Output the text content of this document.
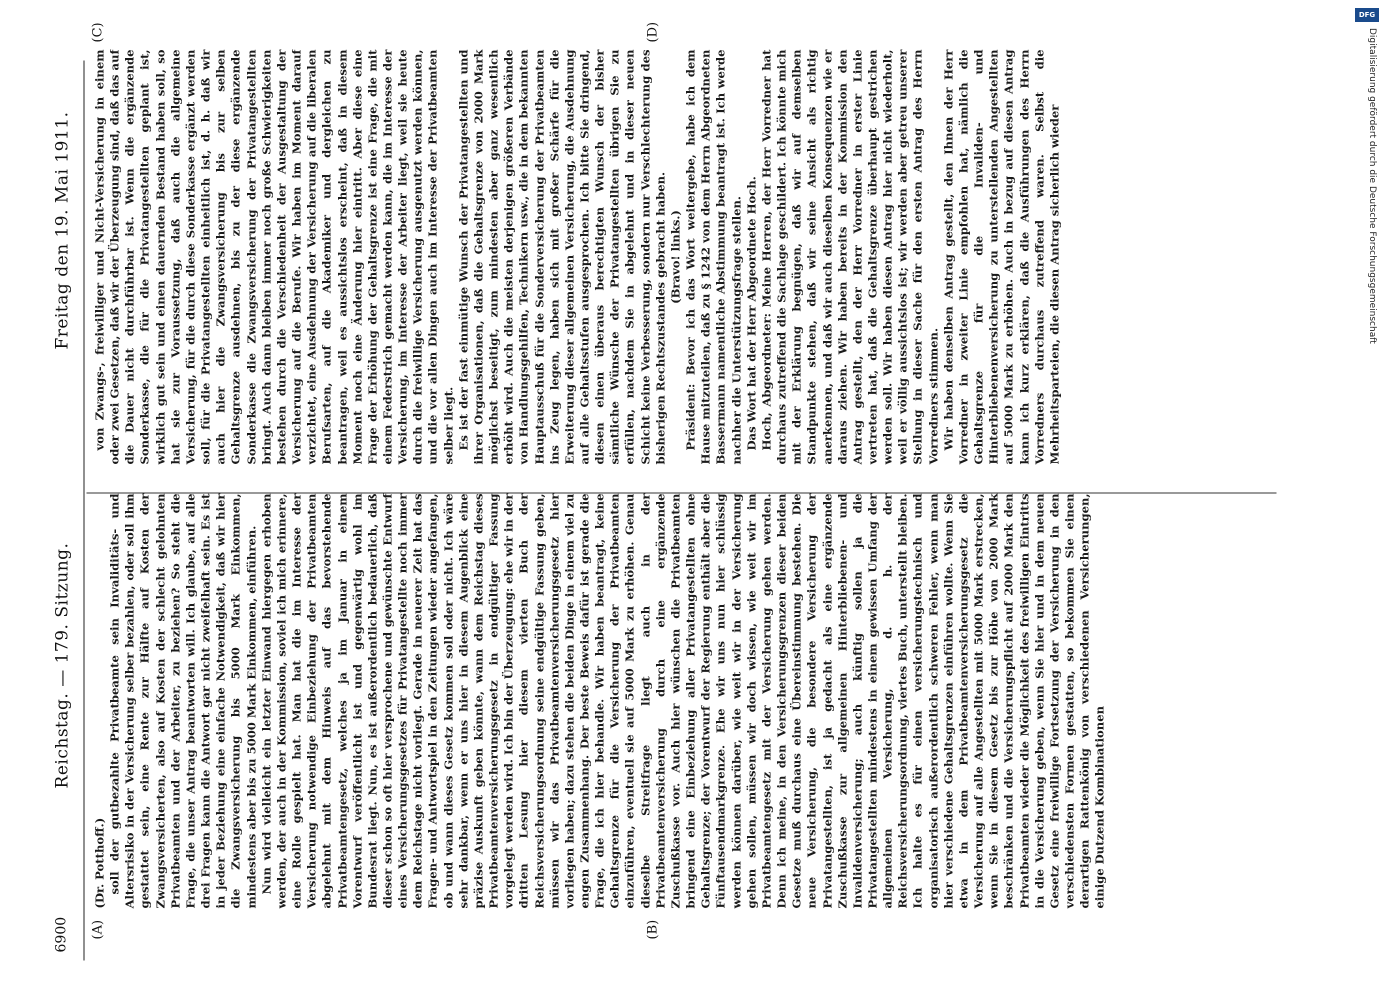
6900
Reichstag. — 179. Sitzung.
Freitag den 19. Mai 1911.
(A)	(B)
(C)	(D)

(Dr. Potthoff.) soll der gutbezahlte Privatbeamte sein Invaliditäts- und Altersrisiko in der Versicherung selber bezahlen, oder soll ihm gestattet sein, eine Rente zur Hälfte auf Kosten der Zwangsversicherten, also auf Kosten der schlecht gelohnten Privatbeamten und der Arbeiter, zu beziehen? So steht die Frage, die unser Antrag beantworten will. Ich glaube, auf alle drei Fragen kann die Antwort gar nicht zweifelhaft sein. Es ist in jeder Beziehung eine einfache Notwendigkeit, daß wir hier die Zwangsversicherung bis 5000 Mark Einkommen, mindestens aber bis zu 5000 Mark Einkommen, einführen. Nun wird vielleicht ein letzter Einwand hiergegen erhoben werden, der auch in der Kommission, soviel ich mich erinnere, eine Rolle gespielt hat. Man hat die im Interesse der Versicherung notwendige Einbeziehung der Privatbeamten abgelehnt mit dem Hinweis auf das bevorstehende Privatbeamtengesetz, welches ja im Januar in einem Vorentwurf veröffentlicht ist und gegenwärtig wohl im Bundesrat liegt. Nun, es ist außerordentlich bedauerlich, daß dieser schon so oft hier versprochene und gewünschte Entwurf eines Versicherungsgesetzes für Privatangestellte noch immer dem Reichstage nicht vorliegt. Gerade in neuerer Zeit hat das Fragen- und Antwortspiel in den Zeitungen wieder angefangen, ob und wann dieses Gesetz kommen soll oder nicht. Ich wäre sehr dankbar, wenn er uns hier in diesem Augenblick eine präzise Auskunft geben könnte, wann dem Reichstag dieses Privatbeamtenversicherungsgesetz in endgültiger Fassung vorgelegt werden wird. Ich bin der Überzeugung: ehe wir in der dritten Lesung hier diesem vierten Buch der Reichsversicherungsordnung seine endgültige Fassung geben, müssen wir das Privatbeamtenversicherungsgesetz hier vorliegen haben; dazu stehen die beiden Dinge in einem viel zu engen Zusammenhang. Der beste Beweis dafür ist gerade die Frage, die ich hier behandle. Wir haben beantragt, keine Gehaltsgrenze für die Versicherung der Privatbeamten einzuführen, eventuell sie auf 5000 Mark zu erhöhen. Genau dieselbe Streitfrage liegt auch in der Privatbeamtenversicherung durch eine ergänzende Zuschußkasse vor. Auch hier wünschen die Privatbeamten bringend eine Einbeziehung aller Privatangestellten ohne Gehaltsgrenze; der Vorentwurf der Regierung enthält aber die Fünftausendmarkgrenze. Ehe wir uns nun hier schlüssig werden können darüber, wie weit wir in der Versicherung gehen sollen, müssen wir doch wissen, wie weit wir im Privatbeamtengesetz mit der Versicherung gehen werden. Denn ich meine, in den Versicherungsgrenzen dieser beiden Gesetze muß durchaus eine Übereinstimmung bestehen. Die neue Versicherung, die besondere Versicherung der Privatangestellten, ist ja gedacht als eine ergänzende Zuschußkasse zur allgemeinen Hinterbliebenen- und Invalidenversicherung; auch künftig sollen ja die Privatangestellten mindestens in einem gewissen Umfang der allgemeinen Versicherung, d. h. der Reichsversicherungsordnung, viertes Buch, unterstellt bleiben. Ich halte es für einen versicherungstechnisch und organisatorisch außerordentlich schweren Fehler, wenn man hier verschiedene Gehaltsgrenzen einführen wollte. Wenn Sie etwa in dem Privatbeamtenversicherungsgesetz die Versicherung auf alle Angestellten mit 5000 Mark erstrecken, wenn Sie in diesem Gesetz bis zur Höhe von 2000 Mark beschränken und die Versicherungspflicht auf 2000 Mark den Privatbeamten wieder die Möglichkeit des freiwilligen Eintritts in die Versicherung geben, wenn Sie hier und in dem neuen Gesetz eine freiwillige Fortsetzung der Versicherung in den verschiedensten Formen gestatten, so bekommen Sie einen derartigen Rattenkönig von verschiedenen Versicherungen, einige Dutzend Kombinationen

von Zwangs-, freiwilliger und Nicht-Versicherung in einem oder zwei Gesetzen, daß wir der Überzeugung sind, daß das auf die Dauer nicht durchführbar ist. Wenn die ergänzende Sonderkasse, die für die Privatangestellten geplant ist, wirklich gut sein und einen dauernden Bestand haben soll, so hat sie zur Voraussetzung, daß auch die allgemeine Versicherung, für die durch diese Sonderkasse ergänzt werden soll, für die Privatangestellten einheitlich ist, d. h. daß wir auch hier die Zwangsversicherung bis zur selben Gehaltsgrenze ausdehnen, bis zu der diese ergänzende Sonderkasse die Zwangsversicherung der Privatangestellten bringt. Auch dann bleiben immer noch große Schwierigkeiten bestehen durch die Verschiedenheit der Ausgestaltung der Versicherung auf die Berufe. Wir haben im Moment darauf verzichtet, eine Ausdehnung der Versicherung auf die liberalen Berufsarten, auf die Akademiker und dergleichen zu beantragen, weil es aussichtslos erscheint, daß in diesem Moment noch eine Änderung hier eintritt. Aber diese eine Frage der Erhöhung der Gehaltsgrenze ist eine Frage, die mit einem Federstrich gemacht werden kann, die im Interesse der Versicherung, im Interesse der Arbeiter liegt, weil sie heute durch die freiwillige Versicherung ausgenutzt werden können, und die vor allen Dingen auch im Interesse der Privatbeamten selber liegt. Es ist der fast einmütige Wunsch der Privatangestellten und ihrer Organisationen, daß die Gehaltsgrenze von 2000 Mark möglichst beseitigt, zum mindesten aber ganz wesentlich erhöht wird. Auch die meisten derjenigen größeren Verbände von Handlungsgehilfen, Technikern usw., die in dem bekannten Hauptausschuß für die Sonderversicherung der Privatbeamten ins Zeug legen, haben sich mit großer Schärfe für die Erweiterung dieser allgemeinen Versicherung, die Ausdehnung auf alle Gehaltsstufen ausgesprochen. Ich bitte Sie dringend, diesen einen überaus berechtigten Wunsch der bisher sämtliche Wünsche der Privatangestellten übrigen Sie zu erfüllen, nachdem Sie in abgelehnt und in dieser neuen Schicht keine Verbesserung, sondern nur Verschlechterung des bisherigen Rechtszustandes gebracht haben. (Bravo! links.) Präsident: Bevor ich das Wort weitergebe, habe ich dem Hause mitzuteilen, daß zu § 1242 von dem Herrn Abgeordneten Bassermann namentliche Abstimmung beantragt ist. Ich werde nachher die Unterstützungsfrage stellen. Das Wort hat der Herr Abgeordnete Hoch. Hoch, Abgeordneter: Meine Herren, der Herr Vorredner hat durchaus zutreffend die Sachlage geschildert. Ich könnte mich mit der Erklärung begnügen, daß wir auf demselben Standpunkte stehen, daß wir seine Ansicht als richtig anerkennen, und daß wir auch dieselben Konsequenzen wie er daraus ziehen. Wir haben bereits in der Kommission den Antrag gestellt, den der Herr Vorredner in erster Linie vertreten hat, daß die Gehaltsgrenze überhaupt gestrichen werden soll. Wir haben diesen Antrag hier nicht wiederholt, weil er völlig aussichtslos ist; wir werden aber getreu unserer Stellung in dieser Sache für den ersten Antrag des Herrn Vorredners stimmen. Wir haben denselben Antrag gestellt, den Ihnen der Herr Vorredner in zweiter Linie empfohlen hat, nämlich die Gehaltsgrenze für die Invaliden- und Hinterbliebenenversicherung zu unterstellenden Angestellten auf 5000 Mark zu erhöhen. Auch in bezug auf diesen Antrag kann ich kurz erklären, daß die Ausführungen des Herrn Vorredners durchaus zutreffend waren. Selbst die Mehrheitsparteien, die diesen Antrag sicherlich wieder

DFG
Digitalisierung gefördert durch die Deutsche Forschungsgemeinschaft
